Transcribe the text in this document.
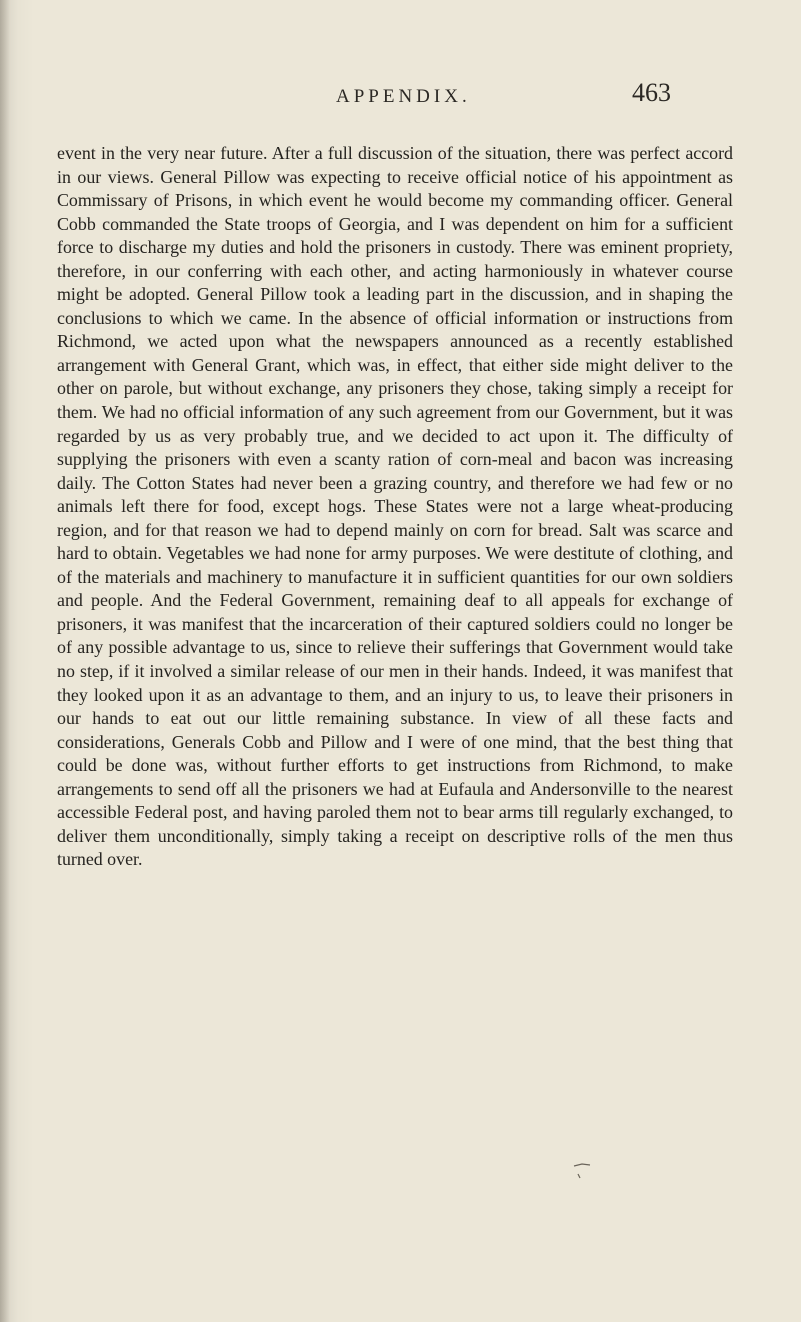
APPENDIX.	463

event in the very near future. After a full discussion of the situation, there was perfect accord in our views. General Pillow was expecting to receive official notice of his appointment as Commissary of Prisons, in which event he would become my commanding officer. General Cobb commanded the State troops of Georgia, and I was dependent on him for a sufficient force to discharge my duties and hold the prisoners in custody. There was eminent propriety, therefore, in our conferring with each other, and acting harmoniously in whatever course might be adopted. General Pillow took a leading part in the discussion, and in shaping the conclusions to which we came. In the absence of official information or instructions from Richmond, we acted upon what the newspapers announced as a recently established arrangement with General Grant, which was, in effect, that either side might deliver to the other on parole, but without exchange, any prisoners they chose, taking simply a receipt for them. We had no official information of any such agreement from our Government, but it was regarded by us as very probably true, and we decided to act upon it. The difficulty of supplying the prisoners with even a scanty ration of corn-meal and bacon was increasing daily. The Cotton States had never been a grazing country, and therefore we had few or no animals left there for food, except hogs. These States were not a large wheat-producing region, and for that reason we had to depend mainly on corn for bread. Salt was scarce and hard to obtain. Vegetables we had none for army purposes. We were destitute of clothing, and of the materials and machinery to manufacture it in sufficient quantities for our own soldiers and people. And the Federal Government, remaining deaf to all appeals for exchange of prisoners, it was manifest that the incarceration of their captured soldiers could no longer be of any possible advantage to us, since to relieve their sufferings that Government would take no step, if it involved a similar release of our men in their hands. Indeed, it was manifest that they looked upon it as an advantage to them, and an injury to us, to leave their prisoners in our hands to eat out our little remaining substance. In view of all these facts and considerations, Generals Cobb and Pillow and I were of one mind, that the best thing that could be done was, without further efforts to get instructions from Richmond, to make arrangements to send off all the prisoners we had at Eufaula and Andersonville to the nearest accessible Federal post, and having paroled them not to bear arms till regularly exchanged, to deliver them unconditionally, simply taking a receipt on descriptive rolls of the men thus turned over.
